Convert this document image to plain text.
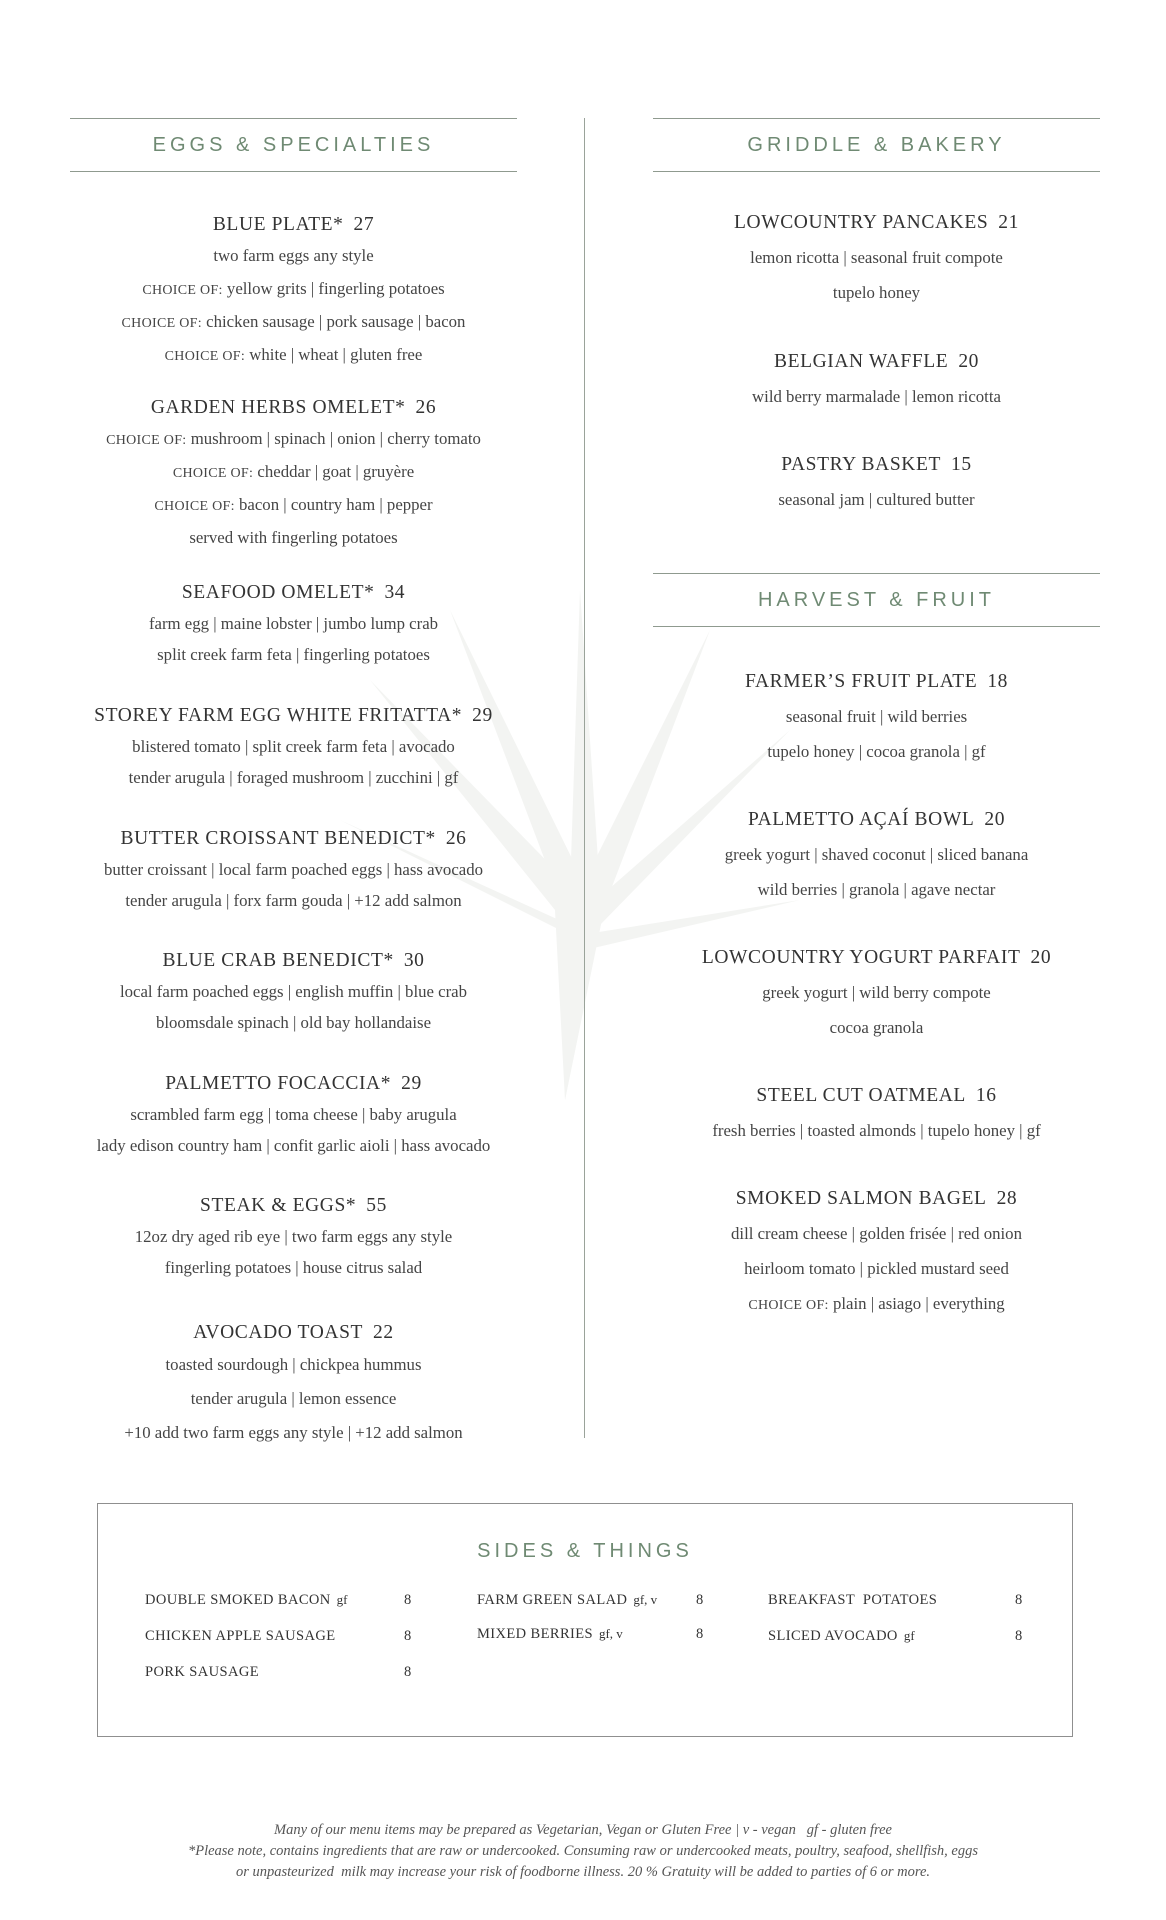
EGGS & SPECIALTIES
BLUE PLATE* 27
two farm eggs any style
CHOICE OF: yellow grits | fingerling potatoes
CHOICE OF: chicken sausage | pork sausage | bacon
CHOICE OF: white | wheat | gluten free
GARDEN HERBS OMELET* 26
CHOICE OF: mushroom | spinach | onion | cherry tomato
CHOICE OF: cheddar | goat | gruyère
CHOICE OF: bacon | country ham | pepper
served with fingerling potatoes
SEAFOOD OMELET* 34
farm egg | maine lobster | jumbo lump crab
split creek farm feta | fingerling potatoes
STOREY FARM EGG WHITE FRITATTA* 29
blistered tomato | split creek farm feta | avocado
tender arugula | foraged mushroom | zucchini | gf
BUTTER CROISSANT BENEDICT* 26
butter croissant | local farm poached eggs | hass avocado
tender arugula | forx farm gouda | +12 add salmon
BLUE CRAB BENEDICT* 30
local farm poached eggs | english muffin | blue crab
bloomsdale spinach | old bay hollandaise
PALMETTO FOCACCIA* 29
scrambled farm egg | toma cheese | baby arugula
lady edison country ham | confit garlic aioli | hass avocado
STEAK & EGGS* 55
12oz dry aged rib eye | two farm eggs any style
fingerling potatoes | house citrus salad
AVOCADO TOAST 22
toasted sourdough | chickpea hummus
tender arugula | lemon essence
+10 add two farm eggs any style | +12 add salmon
GRIDDLE & BAKERY
LOWCOUNTRY PANCAKES 21
lemon ricotta | seasonal fruit compote
tupelo honey
BELGIAN WAFFLE 20
wild berry marmalade | lemon ricotta
PASTRY BASKET 15
seasonal jam | cultured butter
HARVEST & FRUIT
FARMER’S FRUIT PLATE 18
seasonal fruit | wild berries
tupelo honey | cocoa granola | gf
PALMETTO AÇAÍ BOWL 20
greek yogurt | shaved coconut | sliced banana
wild berries | granola | agave nectar
LOWCOUNTRY YOGURT PARFAIT 20
greek yogurt | wild berry compote
cocoa granola
STEEL CUT OATMEAL 16
fresh berries | toasted almonds | tupelo honey | gf
SMOKED SALMON BAGEL 28
dill cream cheese | golden frisée | red onion
heirloom tomato | pickled mustard seed
CHOICE OF: plain | asiago | everything
SIDES & THINGS
DOUBLE SMOKED BACON gf	8
CHICKEN APPLE SAUSAGE	8
PORK SAUSAGE	8
FARM GREEN SALAD gf, v	8
MIXED BERRIES gf, v	8
BREAKFAST  POTATOES	8
SLICED AVOCADO gf	8
Many of our menu items may be prepared as Vegetarian, Vegan or Gluten Free | v - vegan   gf - gluten free
*Please note, contains ingredients that are raw or undercooked. Consuming raw or undercooked meats, poultry, seafood, shellfish, eggs
or unpasteurized  milk may increase your risk of foodborne illness. 20 % Gratuity will be added to parties of 6 or more.
